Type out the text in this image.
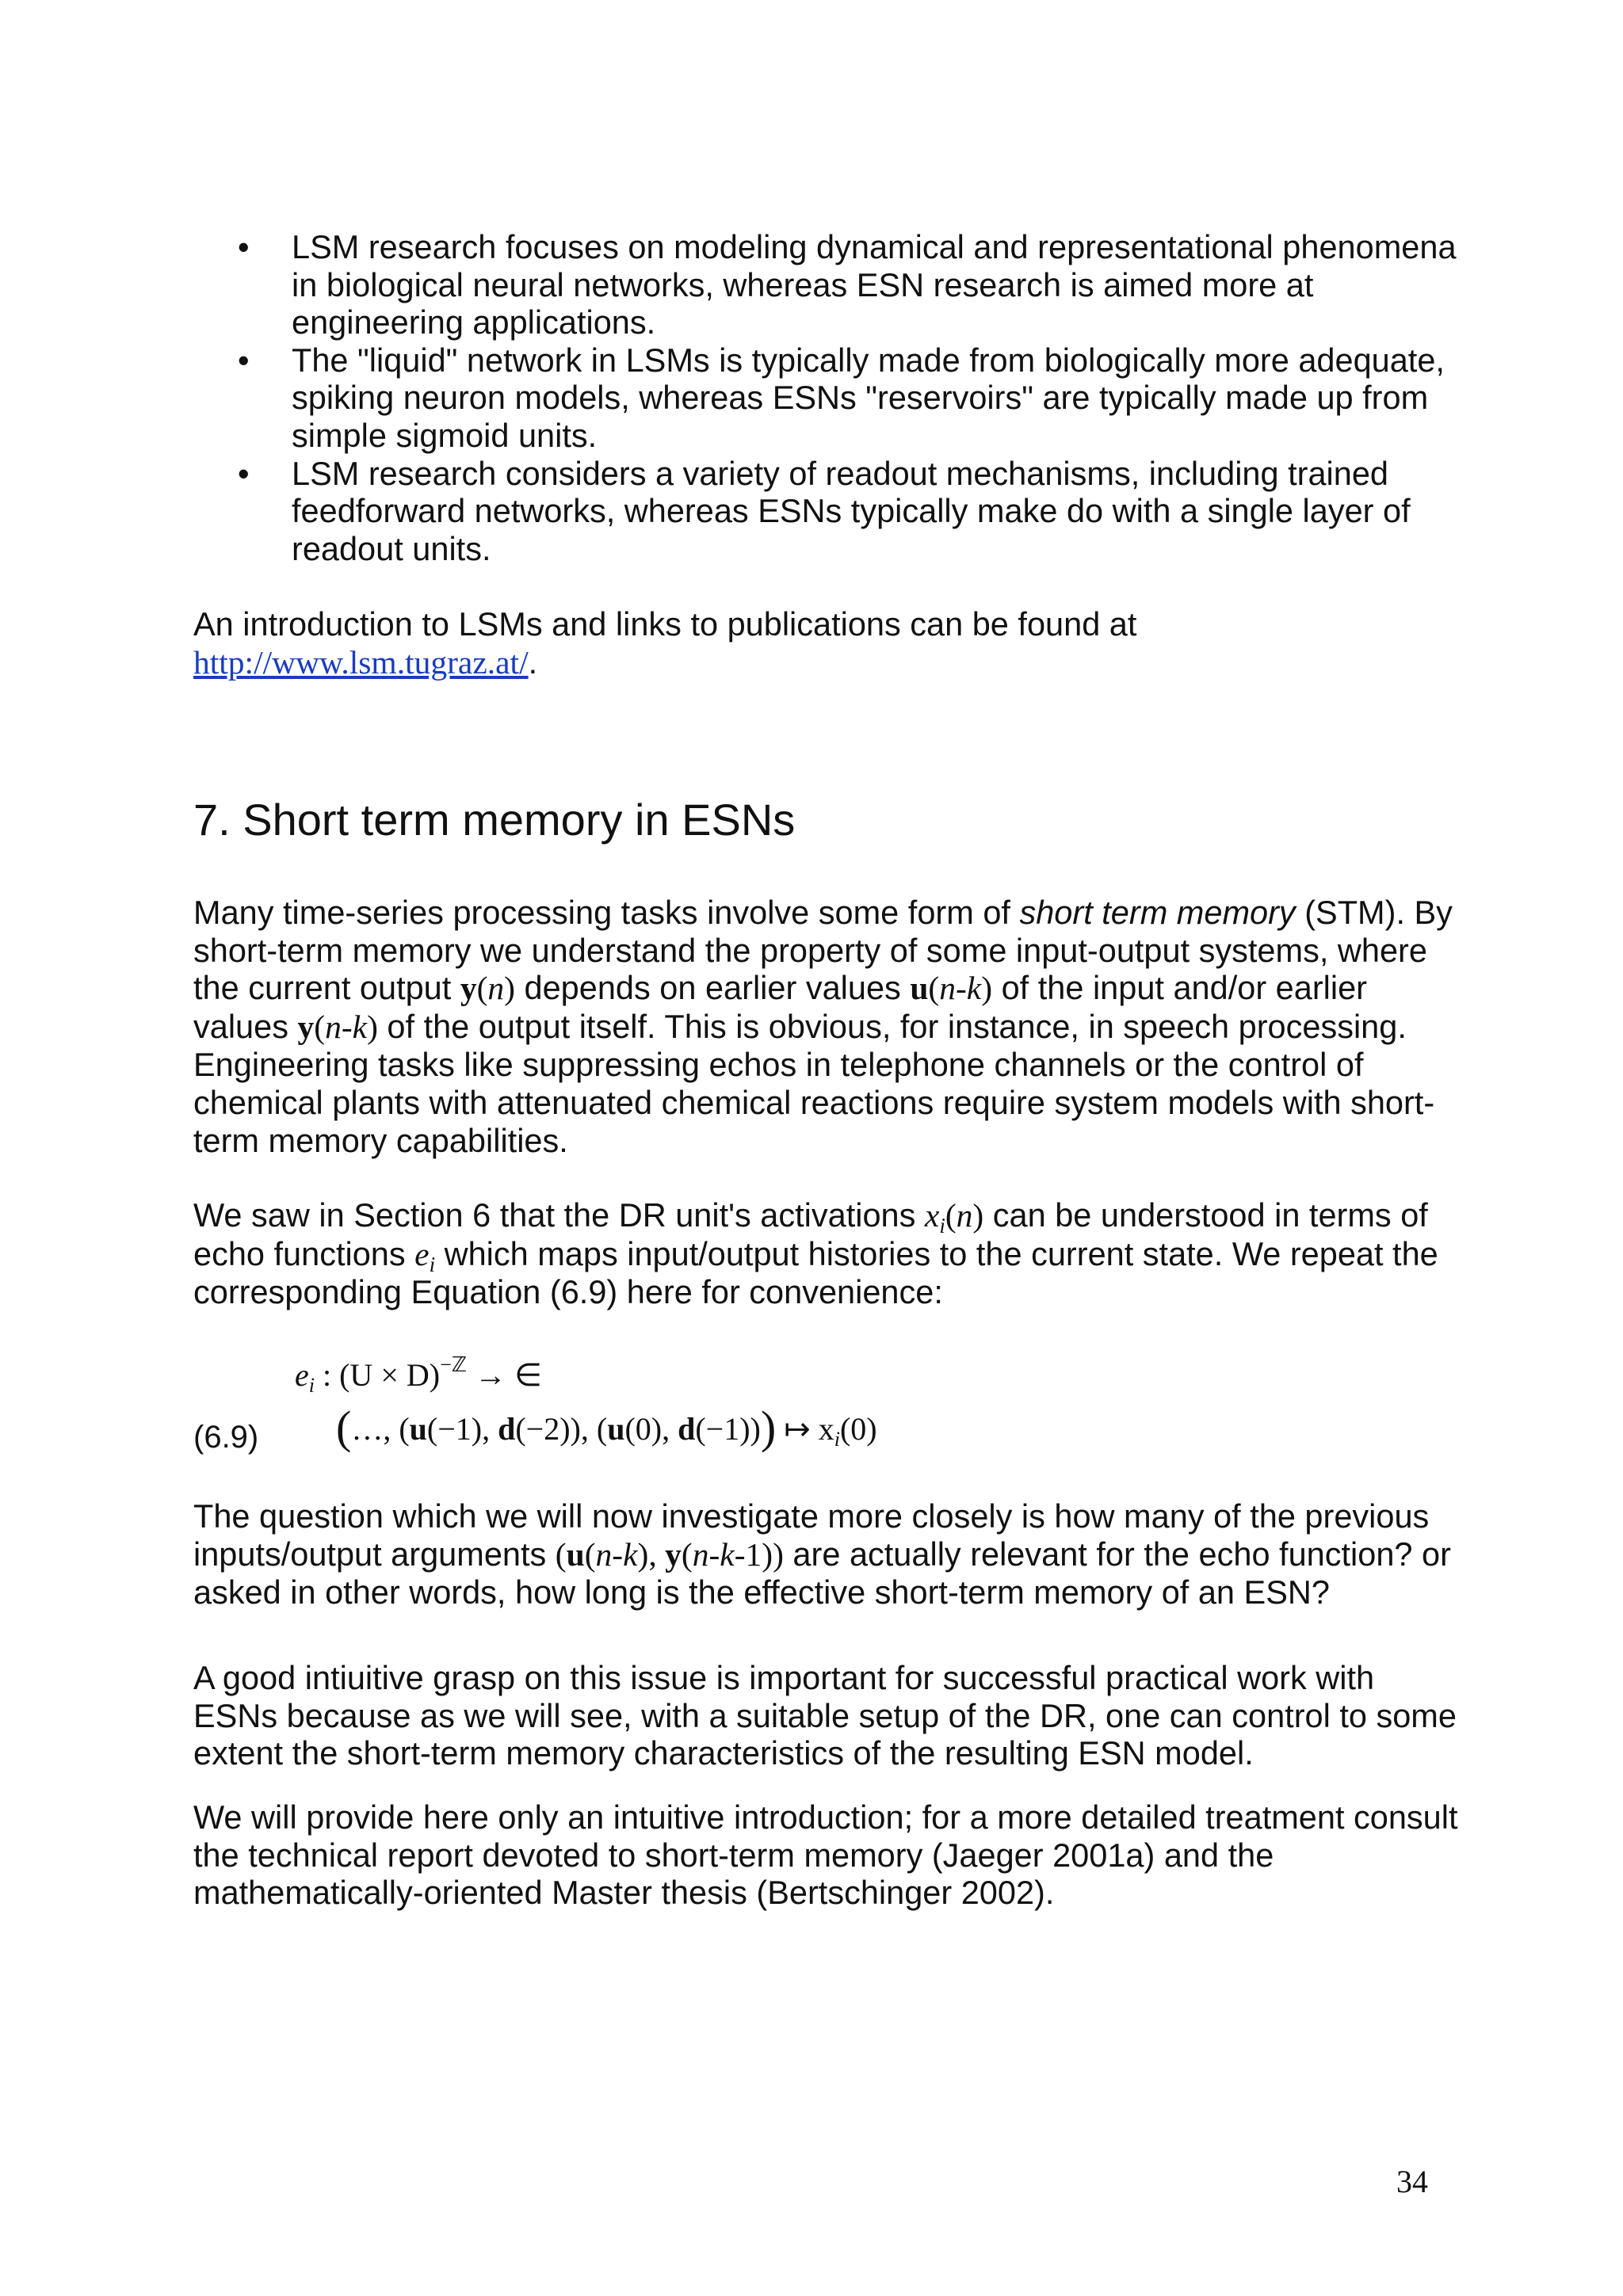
• LSM research focuses on modeling dynamical and representational phenomena in biological neural networks, whereas ESN research is aimed more at engineering applications.
• The "liquid" network in LSMs is typically made from biologically more adequate, spiking neuron models, whereas ESNs "reservoirs" are typically made up from simple sigmoid units.
• LSM research considers a variety of readout mechanisms, including trained feedforward networks, whereas ESNs typically make do with a single layer of readout units.
An introduction to LSMs and links to publications can be found at
http://www.lsm.tugraz.at/.
7. Short term memory in ESNs
Many time-series processing tasks involve some form of short term memory (STM). By short-term memory we understand the property of some input-output systems, where the current output y(n) depends on earlier values u(n-k) of the input and/or earlier values y(n-k) of the output itself. This is obvious, for instance, in speech processing. Engineering tasks like suppressing echos in telephone channels or the control of chemical plants with attenuated chemical reactions require system models with short-term memory capabilities.
We saw in Section 6 that the DR unit's activations $x_i(n)$ can be understood in terms of echo functions $e_i$ which maps input/output histories to the current state. We repeat the corresponding Equation (6.9) here for convenience:
$e_i$ : $(U \times D)^{-ℤ}$ → ∈
(6.9) (…, (u(−1), d(−2)), (u(0), d(−1))) ↦ $x_i(0)$
The question which we will now investigate more closely is how many of the previous inputs/output arguments (u(n-k), y(n-k-1)) are actually relevant for the echo function? or asked in other words, how long is the effective short-term memory of an ESN?
A good intiuitive grasp on this issue is important for successful practical work with ESNs because as we will see, with a suitable setup of the DR, one can control to some extent the short-term memory characteristics of the resulting ESN model.
We will provide here only an intuitive introduction; for a more detailed treatment consult the technical report devoted to short-term memory (Jaeger 2001a) and the mathematically-oriented Master thesis (Bertschinger 2002).
34
